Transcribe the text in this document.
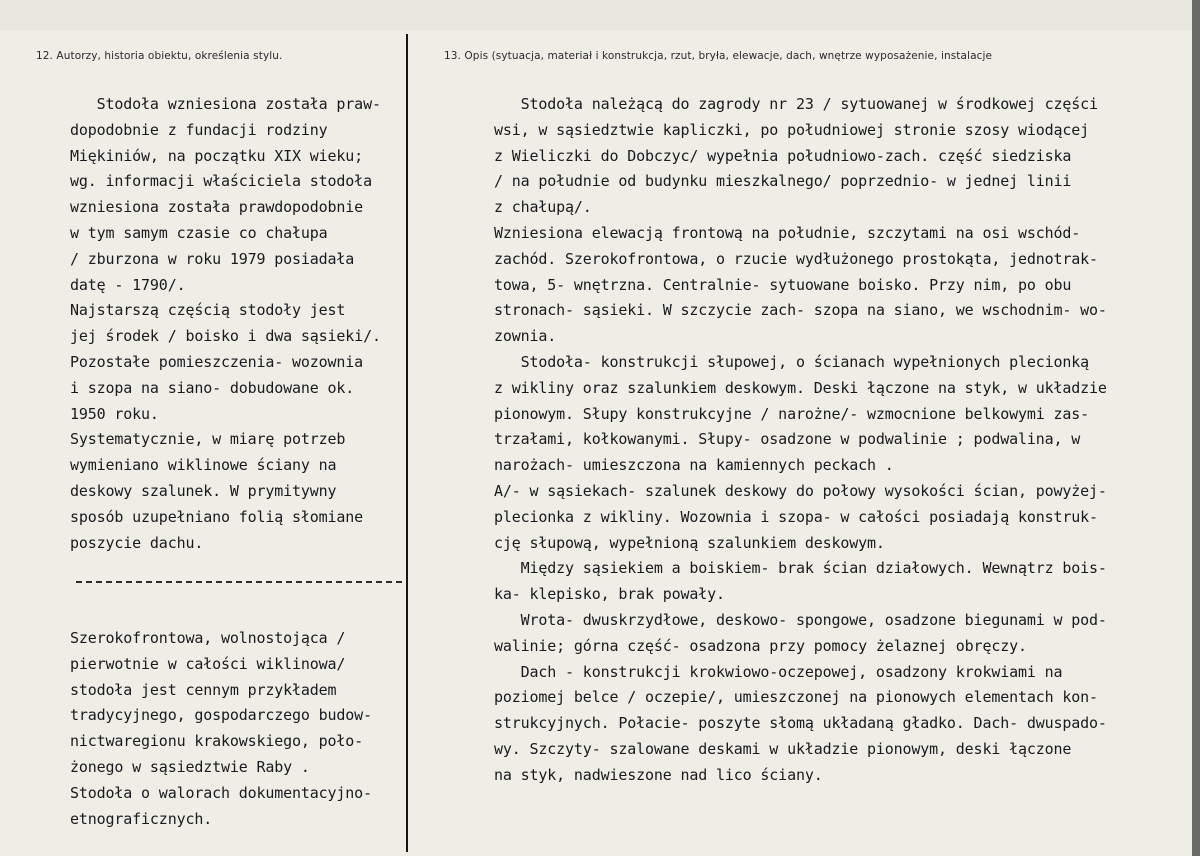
12. Autorzy, historia obiektu, określenia stylu.	13. Opis (sytuacja, materiał i konstrukcja, rzut, bryła, elewacje, dach, wnętrze wyposażenie, instalacje
Stodoła wzniesiona została praw-
dopodobnie z fundacji rodziny
Miękiniów, na początku XIX wieku;
wg. informacji właściciela stodoła
wzniesiona została prawdopodobnie
w tym samym czasie co chałupa
/ zburzona w roku 1979 posiadała
datę - 1790/.
Najstarszą częścią stodoły jest
jej środek / boisko i dwa sąsieki/.
Pozostałe pomieszczenia- wozownia
i szopa na siano- dobudowane ok.
1950 roku.
Systematycznie, w miarę potrzeb
wymieniano wiklinowe ściany na
deskowy szalunek. W prymitywny
sposób uzupełniano folią słomiane
poszycie dachu.
Szerokofrontowa, wolnostojąca /
pierwotnie w całości wiklinowa/
stodoła jest cennym przykładem
tradycyjnego, gospodarczego budow-
nictwaregionu krakowskiego, poło-
żonego w sąsiedztwie Raby .
Stodoła o walorach dokumentacyjno-
etnograficznych.
Stodoła należącą do zagrody nr 23 / sytuowanej w środkowej części
wsi, w sąsiedztwie kapliczki, po południowej stronie szosy wiodącej
z Wieliczki do Dobczyc/ wypełnia południowo-zach. część siedziska
/ na południe od budynku mieszkalnego/ poprzednio- w jednej linii
z chałupą/.
Wzniesiona elewacją frontową na południe, szczytami na osi wschód-
zachód. Szerokofrontowa, o rzucie wydłużonego prostokąta, jednotrak-
towa, 5- wnętrzna. Centralnie- sytuowane boisko. Przy nim, po obu
stronach- sąsieki. W szczycie zach- szopa na siano, we wschodnim- wo-
zownia.
Stodoła- konstrukcji słupowej, o ścianach wypełnionych plecionką
z wikliny oraz szalunkiem deskowym. Deski łączone na styk, w układzie
pionowym. Słupy konstrukcyjne / narożne/- wzmocnione belkowymi zas-
trzałami, kołkowanymi. Słupy- osadzone w podwalinie ; podwalina, w
narożach- umieszczona na kamiennych peckach .
A/- w sąsiekach- szalunek deskowy do połowy wysokości ścian, powyżej-
plecionka z wikliny. Wozownia i szopa- w całości posiadają konstruk-
cję słupową, wypełnioną szalunkiem deskowym.
Między sąsiekiem a boiskiem- brak ścian działowych. Wewnątrz bois-
ka- klepisko, brak powały.
Wrota- dwuskrzydłowe, deskowo- spongowe, osadzone biegunami w pod-
walinie; górna część- osadzona przy pomocy żelaznej obręczy.
Dach - konstrukcji krokwiowo-oczepowej, osadzony krokwiami na
poziomej belce / oczepie/, umieszczonej na pionowych elementach kon-
strukcyjnych. Połacie- poszyte słomą układaną gładko. Dach- dwuspado-
wy. Szczyty- szalowane deskami w układzie pionowym, deski łączone
na styk, nadwieszone nad lico ściany.
